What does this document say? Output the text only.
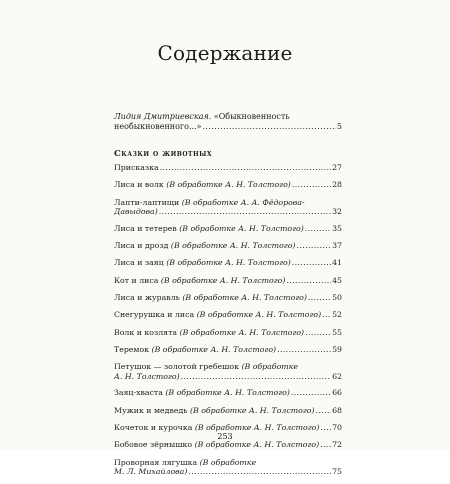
Содержание
Лидия Дмитриевская. «Обыкновенность
необыкновенного...» .....	5
Сказки о животных
Присказка .....	27
Лиса и волк (В обработке А. Н. Толстого) .....	28
Лапти-лаптищи (В обработке А. А. Фёдорова-
Давыдова) .....	32
Лиса и тетерев (В обработке А. Н. Толстого) .....	35
Лиса и дрозд (В обработке А. Н. Толстого) .....	37
Лиса и заяц (В обработке А. Н. Толстого) .....	41
Кот и лиса (В обработке А. Н. Толстого) .....	45
Лиса и журавль (В обработке А. Н. Толстого) .....	50
Снегурушка и лиса (В обработке А. Н. Толстого) ..... 52
Волк и козлята (В обработке А. Н. Толстого) .....	55
Теремок (В обработке А. Н. Толстого) .....	59
Петушок — золотой гребешок (В обработке
А. Н. Толстого) .....	62
Заяц-хваста (В обработке А. Н. Толстого) .....	66
Мужик и медведь (В обработке А. Н. Толстого) ..... 68
Кочеток и курочка (В обработке А. Н. Толстого) ..... 70
Бобовое зёрнышко (В обработке А. Н. Толстого) ..... 72
Проворная лягушка (В обработке
М. Л. Михайлова) .....	75
253
